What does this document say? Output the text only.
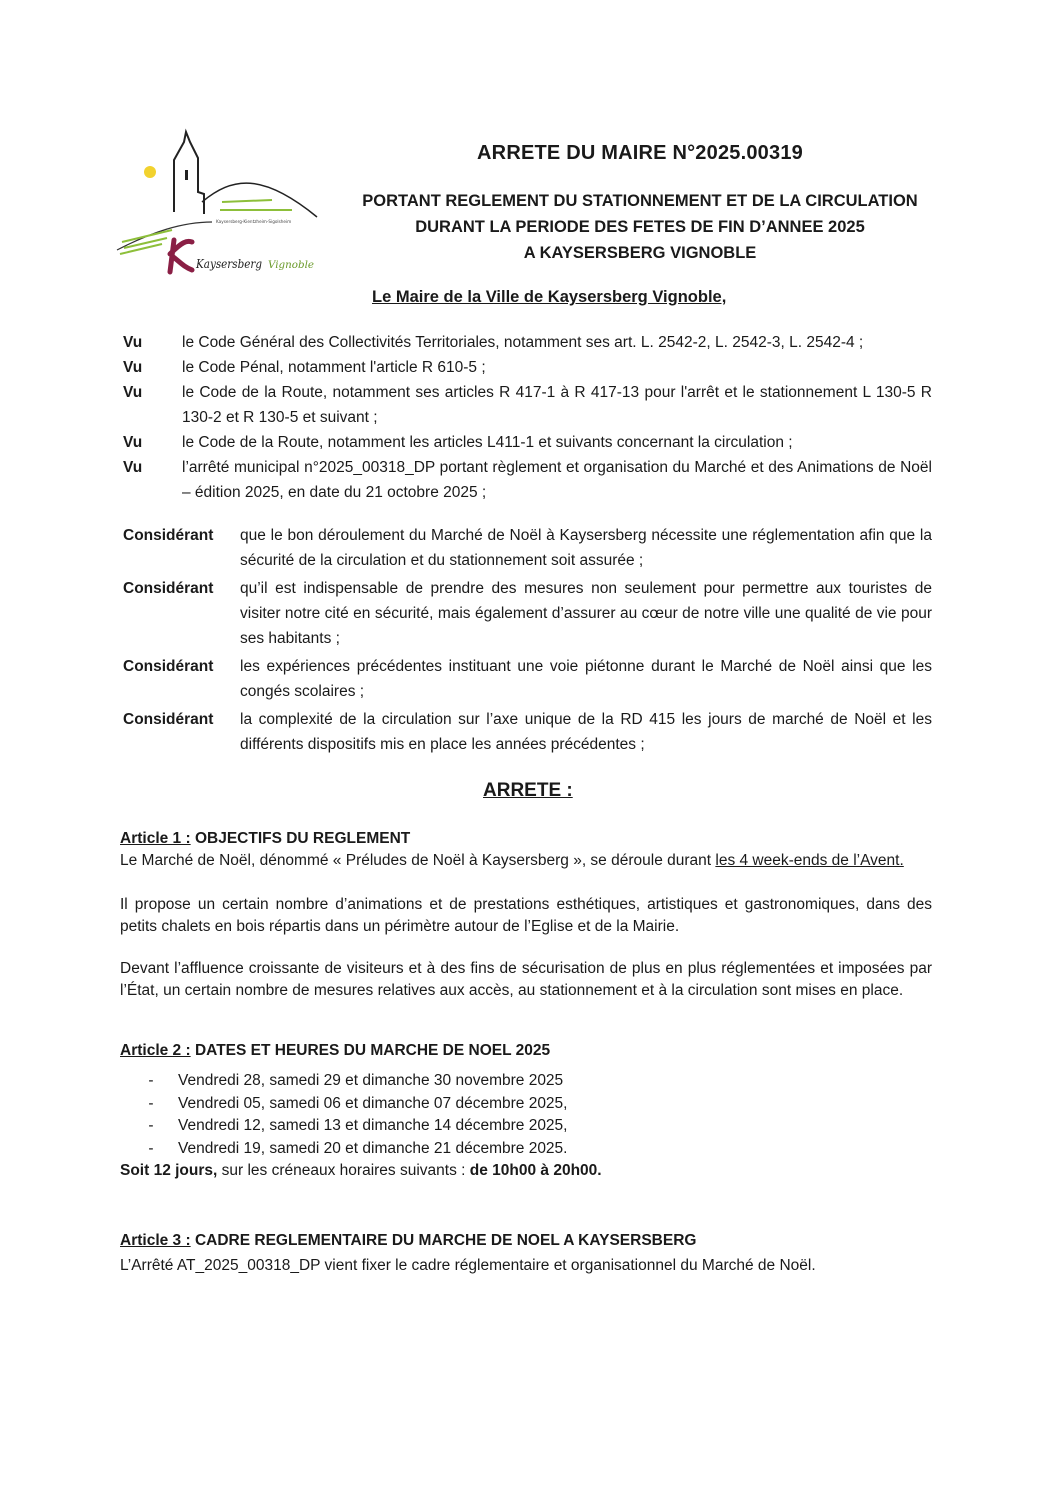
Kaysersberg-Kientzheim-Sigolsheim
Kaysersberg Vignoble
ARRETE DU MAIRE N°2025.00319
PORTANT REGLEMENT DU STATIONNEMENT ET DE LA CIRCULATION
DURANT LA PERIODE DES FETES DE FIN D’ANNEE 2025
A KAYSERSBERG VIGNOBLE
Le Maire de la Ville de Kaysersberg Vignoble,
Vu	le Code Général des Collectivités Territoriales, notamment ses art. L. 2542-2, L. 2542-3, L. 2542-4 ;
Vu	le Code Pénal, notamment l'article R 610-5 ;
Vu	le Code de la Route, notamment ses articles R 417-1 à R 417-13 pour l'arrêt et le stationnement L 130-5 R 130-2 et R 130-5 et suivant ;
Vu	le Code de la Route, notamment les articles L411-1 et suivants concernant la circulation ;
Vu	l’arrêté municipal n°2025_00318_DP portant règlement et organisation du Marché et des Animations de Noël – édition 2025, en date du 21 octobre 2025 ;
Considérant	que le bon déroulement du Marché de Noël à Kaysersberg nécessite une réglementation afin que la sécurité de la circulation et du stationnement soit assurée ;
Considérant	qu’il est indispensable de prendre des mesures non seulement pour permettre aux touristes de visiter notre cité en sécurité, mais également d’assurer au cœur de notre ville une qualité de vie pour ses habitants ;
Considérant	les expériences précédentes instituant une voie piétonne durant le Marché de Noël ainsi que les congés scolaires ;
Considérant	la complexité de la circulation sur l’axe unique de la RD 415 les jours de marché de Noël et les différents dispositifs mis en place les années précédentes ;
ARRETE :

Article 1 : OBJECTIFS DU REGLEMENT

Le Marché de Noël, dénommé « Préludes de Noël à Kaysersberg », se déroule durant les 4 week-ends de l’Avent.

Il propose un certain nombre d’animations et de prestations esthétiques, artistiques et gastronomiques, dans des petits chalets en bois répartis dans un périmètre autour de l’Eglise et de la Mairie.

Devant l’affluence croissante de visiteurs et à des fins de sécurisation de plus en plus réglementées et imposées par l’État, un certain nombre de mesures relatives aux accès, au stationnement et à la circulation sont mises en place.

Article 2 : DATES ET HEURES DU MARCHE DE NOEL 2025

-	Vendredi 28, samedi 29 et dimanche 30 novembre 2025
-	Vendredi 05, samedi 06 et dimanche 07 décembre 2025,
-	Vendredi 12, samedi 13 et dimanche 14 décembre 2025,
-	Vendredi 19, samedi 20 et dimanche 21 décembre 2025.

Soit 12 jours, sur les créneaux horaires suivants : de 10h00 à 20h00.

Article 3 : CADRE REGLEMENTAIRE DU MARCHE DE NOEL A KAYSERSBERG

L’Arrêté AT_2025_00318_DP vient fixer le cadre réglementaire et organisationnel du Marché de Noël.
